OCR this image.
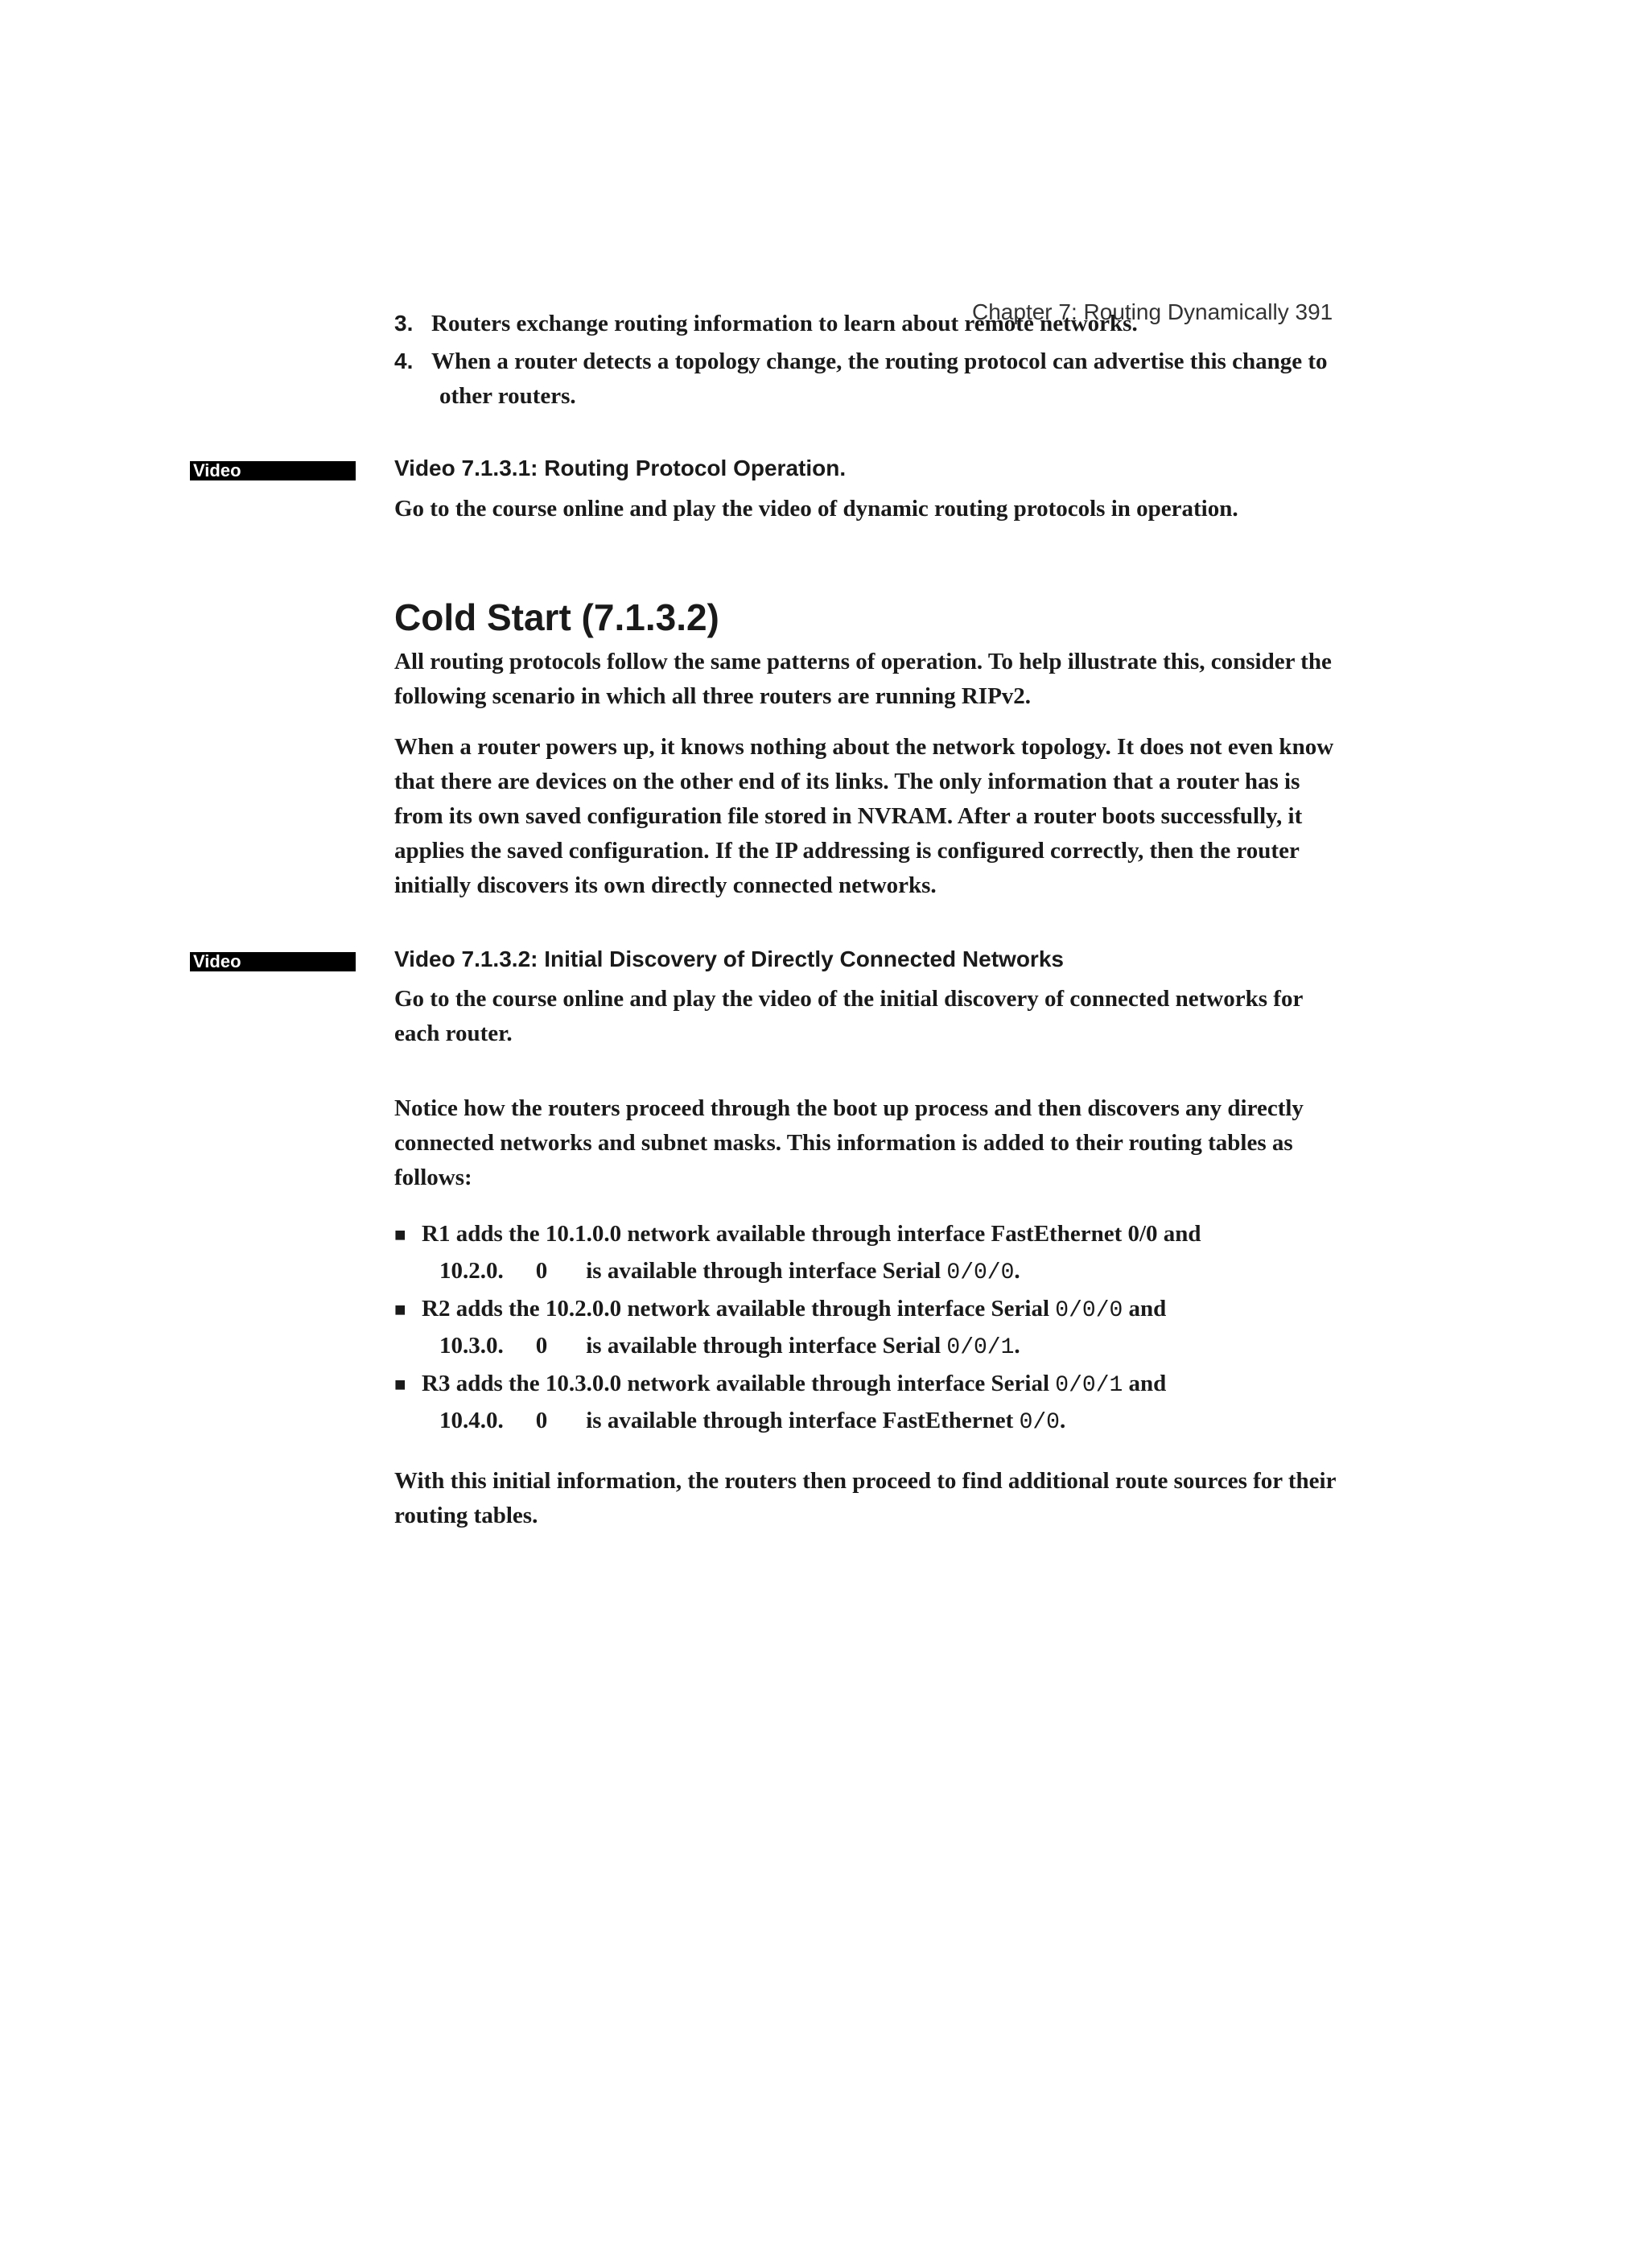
Chapter 7: Routing Dynamically 391
3. Routers exchange routing information to learn about remote networks.
4. When a router detects a topology change, the routing protocol can advertise this change to
other routers.
Video	Video 7.1.3.1: Routing Protocol Operation.
Go to the course online and play the video of dynamic routing protocols in operation.
Cold Start (7.1.3.2)
All routing protocols follow the same patterns of operation. To help illustrate this, consider the
following scenario in which all three routers are running RIPv2.
When a router powers up, it knows nothing about the network topology. It does not even know
that there are devices on the other end of its links. The only information that a router has is
from its own saved configuration file stored in NVRAM. After a router boots successfully, it
applies the saved configuration. If the IP addressing is configured correctly, then the router
initially discovers its own directly connected networks.
Video	Video 7.1.3.2: Initial Discovery of Directly Connected Networks
Go to the course online and play the video of the initial discovery of connected networks for
each router.
Notice how the routers proceed through the boot up process and then discovers any directly
connected networks and subnet masks. This information is added to their routing tables as
follows:
■ R1 adds the 10.1.0.0 network available through interface FastEthernet 0/0 and
10.2.0. 0 is available through interface Serial 0/0/0.
■ R2 adds the 10.2.0.0 network available through interface Serial 0/0/0 and
10.3.0. 0 is available through interface Serial 0/0/1.
■ R3 adds the 10.3.0.0 network available through interface Serial 0/0/1 and
10.4.0. 0 is available through interface FastEthernet 0/0.
With this initial information, the routers then proceed to find additional route sources for their
routing tables.
